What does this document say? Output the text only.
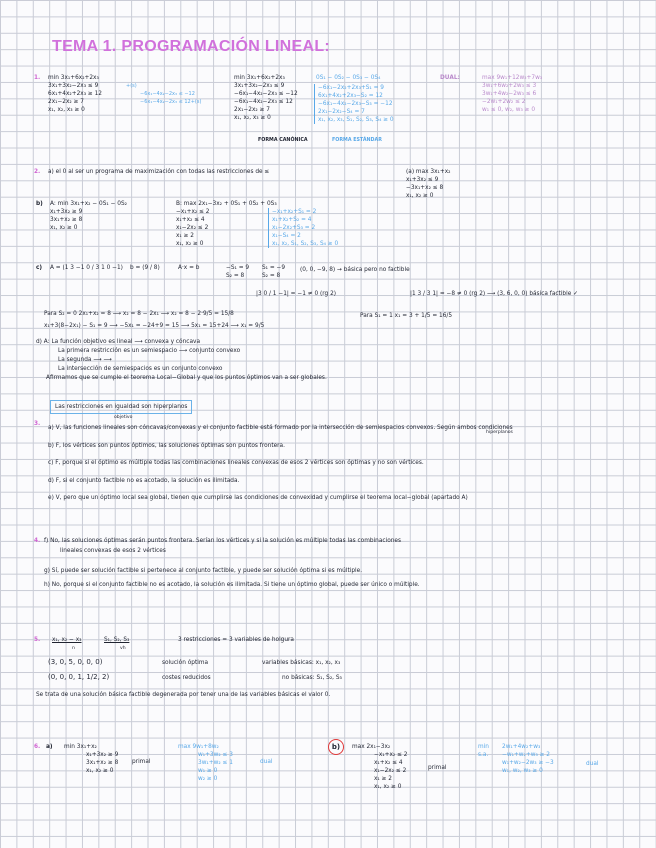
TEMA 1. PROGRAMACIÓN LINEAL:
1. min 3x₁+6x₂+2x₃
3x₁+3x₂−2x₃ ≤ 9
6x₁+4x₂+2x₃ ≥ 12
2x₁−2x₂ ≥ 7
x₁, x₂, x₃ ≥ 0
+(s)
−6x₁−4x₂−2x₃ ≤ −12
−6x₁−4x₂−2x₃ ≤ 12+(s)
min 3x₁+6x₂+2x₃
3x₁+3x₂−2x₃ ≤ 9
−6x₁−4x₂−2x₃ ≤ −12
−6x₁−4x₂−2x₃ ≤ 12
2x₁−2x₂ ≥ 7
x₁, x₂, x₃ ≥ 0
FORMA CANÓNICA
0S₁ − 0S₂ − 0S₃ − 0S₄
−6x₁−2x₂+2x₃+S₁ = 9
6x₁+4x₂+2x₃−S₂ = 12
−6x₁−4x₂−2x₃−S₃ = −12
2x₁−2x₂−S₄ = 7
x₁, x₂, x₃, S₁, S₂, S₃, S₄ ≥ 0
FORMA ESTÁNDAR
DUAL:	max 9w₁+12w₂+7w₃
3w₁+6w₂+2w₃ ≤ 3
3w₁+4w₂−2w₃ ≤ 6
−2w₁+2w₂ ≤ 2
w₁ ≤ 0, w₂, w₃ ≥ 0
2. a) el 0 al ser un programa de maximización con todas las restricciones de ≤	(a) max 3x₁+x₂
x₁+3x₂ ≤ 9
−3x₁+x₂ ≤ 8
x₁, x₂ ≥ 0
b) A: min 3x₁+x₂ − 0S₁ − 0S₂
x₁+3x₂ ≥ 9
3x₁+x₂ ≥ 8
x₁, x₂ ≥ 0
B: max 2x₁−3x₂ + 0S₁ + 0S₂ + 0S₃
−x₁+x₂ ≤ 2
x₁+x₂ ≤ 4
x₁−2x₂ ≤ 2
x₁ ≥ 2
x₁, x₂ ≥ 0
−x₁+x₂+S₁ = 2
x₁+x₂+S₂ = 4
x₁−2x₂+S₃ = 2
x₁−S₄ = 2
x₁, x₂, S₁, S₂, S₃, S₄ ≥ 0
c) A = (1 3 −1 0 / 3 1 0 −1) b = (9 / 8)	A·x = b	−S₁ = 9
S₂ = 8
S₁ = −9
S₂ = 8
(0, 0, −9, 8) → básica pero no factible
|3 0 / 1 −1| = −1 ≠ 0 (rg 2)	|1 3 / 3 1| = −8 ≠ 0 (rg 2) ⟶ (3, 6, 0, 0) básica factible ✓
Para S₂ = 0 2x₁+x₂ = 8 ⟶ x₂ = 8 − 2x₁ ⟶ x₂ = 8 − 2·9/5 = 15/8
x₁+3(8−2x₁) − S₁ = 9 ⟶ −5x₁ = −24+9 = 15 ⟶ 5x₁ = 15+24 ⟶ x₁ = 9/5
Para S₁ = 1 x₁ = 3 + 1/5 = 16/5
d) A: La función objetivo es lineal ⟶ convexa y cóncava
La primera restricción es un semiespacio ⟶ conjunto convexo
La segunda ⟶ ⟶
La intersección de semiespacios es un conjunto convexo
Afirmamos que se cumple el teorema Local−Global y que los puntos óptimos van a ser globales.
Las restricciones en igualdad son hiperplanos
3.
objetivo
hiperplanos
a) V, las funciones lineales son cóncavas/convexas y el conjunto factible está formado por la intersección de semiespacios convexos. Según ambos condiciones
b) F, los vértices son puntos óptimos, las soluciones óptimas son puntos frontera.
c) F, porque si el óptimo es múltiple todas las combinaciones lineales convexas de esos 2 vértices son óptimas y no son vértices.
d) F, si el conjunto factible no es acotado, la solución es ilimitada.
e) V, pero que un óptimo local sea global, tienen que cumplirse las condiciones de convexidad y cumplirse el teorema local−global (apartado A)
4. f) No, las soluciones óptimas serán puntos frontera. Serían los vértices y si la solución es múltiple todas las combinaciones
lineales convexas de esos 2 vértices
g) Sí, puede ser solución factible si pertenece al conjunto factible, y puede ser solución óptima si es múltiple.
h) No, porque si el conjunto factible no es acotado, la solución es ilimitada. Si tiene un óptimo global, puede ser único o múltiple.
5. x₁, x₂ − x₃	S₁, S₂, S₃
n	vh
3 restricciones = 3 variables de holgura
(3, 0, 5, 0, 0, 0)	solución óptima	variables básicas: x₁, x₂, x₃
(0, 0, 0, 1, 1/2, 2)	costes reducidos	no básicas: S₁, S₂, S₃
Se trata de una solución básica factible degenerada por tener una de las variables básicas el valor 0.
6. a) min 3x₁+x₂
x₁+3x₂ ≥ 9
3x₁+x₂ ≥ 8
x₁, x₂ ≥ 0
primal
max 9w₁+8w₂
w₁+3w₂ ≤ 3
3w₁+w₂ ≤ 1
w₁ ≥ 0
w₂ ≥ 0
dual
b)	max 2x₁−3x₂
−x₁+x₂ ≤ 2
x₁+x₂ ≤ 4
x₁−2x₂ ≤ 2
x₁ ≥ 2
x₁, x₂ ≥ 0
primal
min
s.a.
2w₁+4w₂+w₃
−w₁+w₂+w₃ ≥ 2
w₁+w₂−2w₃ ≥ −3
w₁, w₂, w₃ ≥ 0
dual
